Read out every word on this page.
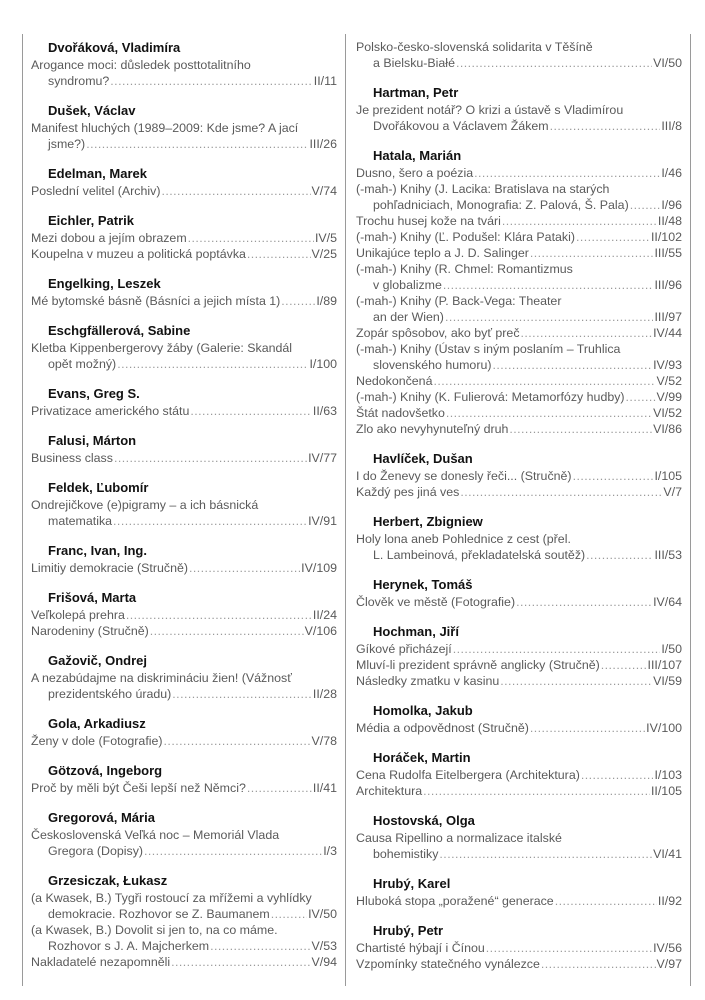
Dvořáková, Vladimíra
Arogance moci: důsledek posttotalitního
syndromu? . . .	II/11
Dušek, Václav
Manifest hluchých (1989–2009: Kde jsme? A jací
jsme?) . . .	III/26
Edelman, Marek
Poslední velitel (Archiv) . . .	V/74
Eichler, Patrik
Mezi dobou a jejím obrazem . . .	IV/5
Koupelna v muzeu a politická poptávka . . .	V/25
Engelking, Leszek
Mé bytomské básně (Básníci a jejich místa 1) . . .	I/89
Eschgfällerová, Sabine
Kletba Kippenbergerovy žáby (Galerie: Skandál
opět možný) . . .	I/100
Evans, Greg S.
Privatizace amerického státu . . .	II/63
Falusi, Márton
Business class . . .	IV/77
Feldek, Ľubomír
Ondrejičkove (e)pigramy – a ich básnická
matematika . . .	IV/91
Franc, Ivan, Ing.
Limitiy demokracie (Stručně) . . .	IV/109
Frišová, Marta
Veľkolepá prehra . . .	II/24
Narodeniny (Stručně) . . .	V/106
Gažovič, Ondrej
A nezabúdajme na diskrimináciu žien! (Vážnosť
prezidentského úradu) . . .	II/28
Gola, Arkadiusz
Ženy v dole (Fotografie) . . .	V/78
Götzová, Ingeborg
Proč by měli být Češi lepší než Němci? . . .	II/41
Gregorová, Mária
Československá Veľká noc – Memoriál Vlada
Gregora (Dopisy) . . .	I/3
Grzesiczak, Łukasz
(a Kwasek, B.) Tygři rostoucí za mřížemi a vyhlídky
demokracie. Rozhovor se Z. Baumanem . . .	IV/50
(a Kwasek, B.) Dovolit si jen to, na co máme.
Rozhovor s J. A. Majcherkem . . .	V/53
Nakladatelé nezapomněli . . .	V/94
Polsko-česko-slovenská solidarita v Těšíně
a Bielsku-Białé . . .	VI/50
Hartman, Petr
Je prezident notář? O krizi a ústavě s Vladimírou
Dvořákovou a Václavem Žákem . . .	III/8
Hatala, Marián
Dusno, šero a poézia . . .	I/46
(-mah-) Knihy (J. Lacika: Bratislava na starých
pohľadniciach, Monografia: Z. Palová, Š. Pala) . . .	I/96
Trochu husej kože na tvári . . .	II/48
(-mah-) Knihy (Ľ. Podušel: Klára Pataki) . . .	II/102
Unikajúce teplo a J. D. Salinger . . .	III/55
(-mah-) Knihy (R. Chmel: Romantizmus
v globalizme . . .	III/96
(-mah-) Knihy (P. Back-Vega: Theater
an der Wien) . . .	III/97
Zopár spôsobov, ako byť preč . . .	IV/44
(-mah-) Knihy (Ústav s iným poslaním – Truhlica
slovenského humoru) . . .	IV/93
Nedokončená . . .	V/52
(-mah-) Knihy (K. Fulierová: Metamorfózy hudby) . . .	V/99
Štát nadovšetko . . .	VI/52
Zlo ako nevyhynuteľný druh . . .	VI/86
Havlíček, Dušan
I do Ženevy se donesly řeči... (Stručně) . . .	I/105
Každý pes jiná ves . . .	V/7
Herbert, Zbigniew
Holy lona aneb Pohlednice z cest (přel.
L. Lambeinová, překladatelská soutěž) . . .	III/53
Herynek, Tomáš
Člověk ve městě (Fotografie) . . .	IV/64
Hochman, Jiří
Gíkové přicházejí . . .	I/50
Mluví-li prezident správně anglicky (Stručně) . . .	III/107
Následky zmatku v kasinu . . .	VI/59
Homolka, Jakub
Média a odpovědnost (Stručně) . . .	IV/100
Horáček, Martin
Cena Rudolfa Eitelbergera (Architektura) . . .	I/103
Architektura . . .	II/105
Hostovská, Olga
Causa Ripellino a normalizace italské
bohemistiky . . .	VI/41
Hrubý, Karel
Hluboká stopa „poražené“ generace . . .	II/92
Hrubý, Petr
Chartisté hýbají i Čínou . . .	IV/56
Vzpomínky statečného vynálezce . . .	V/97
